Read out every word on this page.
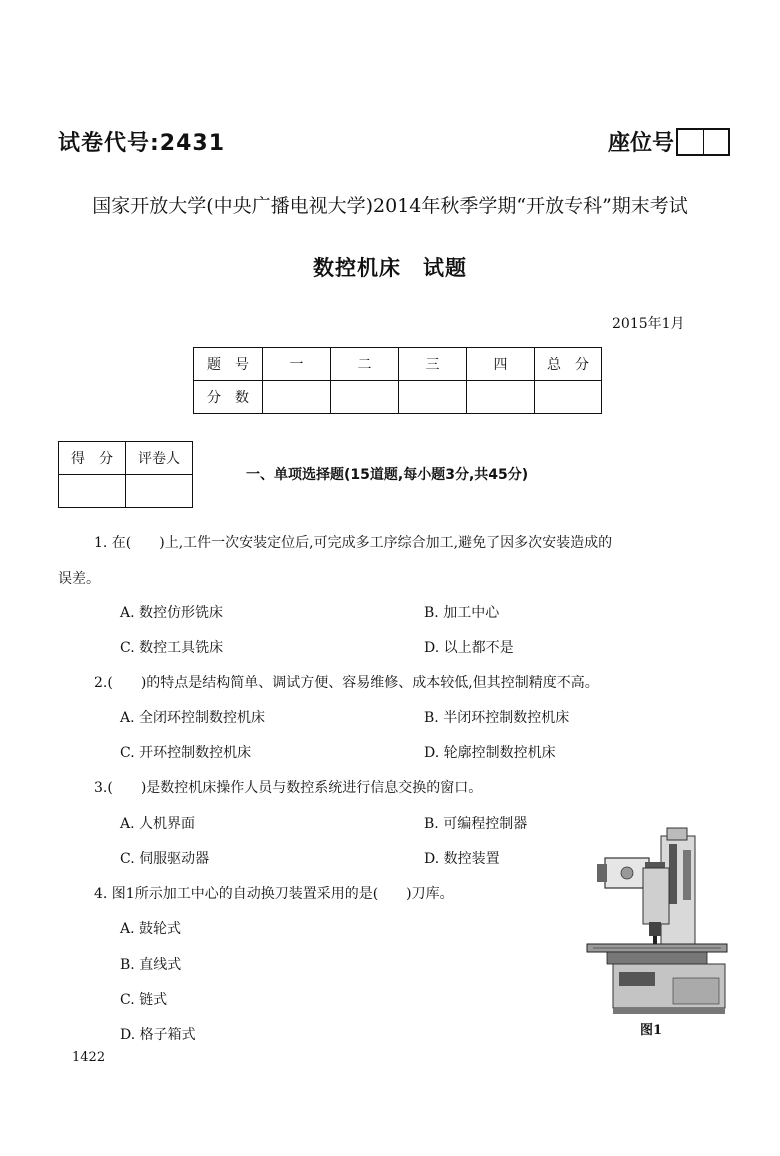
试卷代号:2431	座位号
国家开放大学(中央广播电视大学)2014年秋季学期“开放专科”期末考试
数控机床　试题
2015年1月
题　号	一	二	三	四	总　分
分　数					
得　分	评卷人

一、单项选择题(15道题,每小题3分,共45分)
1. 在(　　)上,工件一次安装定位后,可完成多工序综合加工,避免了因多次安装造成的
误差。
A. 数控仿形铣床	B. 加工中心
C. 数控工具铣床	D. 以上都不是
2.(　　)的特点是结构简单、调试方便、容易维修、成本较低,但其控制精度不高。
A. 全闭环控制数控机床	B. 半闭环控制数控机床
C. 开环控制数控机床	D. 轮廓控制数控机床
3.(　　)是数控机床操作人员与数控系统进行信息交换的窗口。
A. 人机界面	B. 可编程控制器
C. 伺服驱动器	D. 数控装置
4. 图1所示加工中心的自动换刀装置采用的是(　　)刀库。
A. 鼓轮式
B. 直线式
C. 链式
D. 格子箱式	图1
1422
